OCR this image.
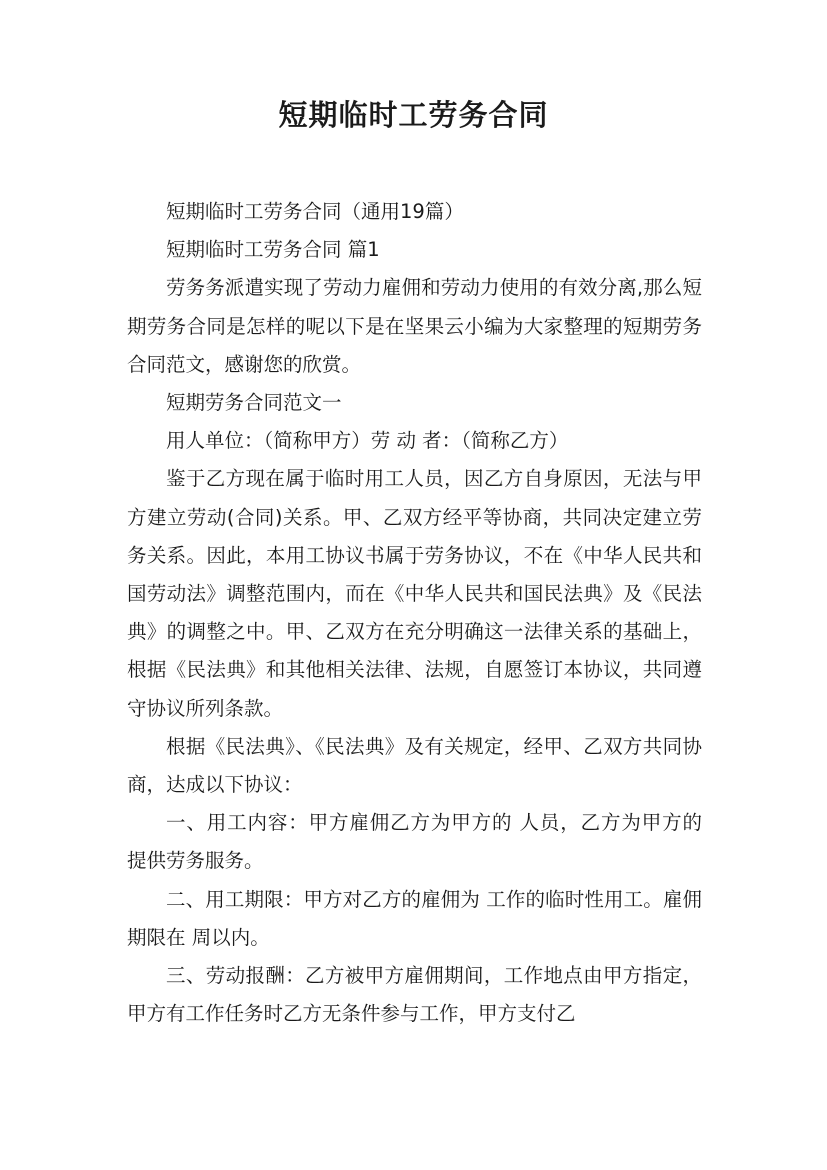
短期临时工劳务合同

短期临时工劳务合同（通用19篇）

短期临时工劳务合同 篇1

劳务务派遣实现了劳动力雇佣和劳动力使用的有效分离,那么短期劳务合同是怎样的呢以下是在坚果云小编为大家整理的短期劳务合同范文，感谢您的欣赏。

短期劳务合同范文一

用人单位：（简称甲方）劳 动 者：（简称乙方）

鉴于乙方现在属于临时用工人员，因乙方自身原因，无法与甲方建立劳动(合同)关系。甲、乙双方经平等协商，共同决定建立劳务关系。因此，本用工协议书属于劳务协议，不在《中华人民共和国劳动法》调整范围内，而在《中华人民共和国民法典》及《民法典》的调整之中。甲、乙双方在充分明确这一法律关系的基础上，根据《民法典》和其他相关法律、法规，自愿签订本协议，共同遵守协议所列条款。

根据《民法典》、《民法典》及有关规定，经甲、乙双方共同协商，达成以下协议：

一、用工内容：甲方雇佣乙方为甲方的 人员，乙方为甲方的 提供劳务服务。

二、用工期限：甲方对乙方的雇佣为 工作的临时性用工。雇佣期限在 周以内。

三、劳动报酬：乙方被甲方雇佣期间，工作地点由甲方指定，甲方有工作任务时乙方无条件参与工作，甲方支付乙
